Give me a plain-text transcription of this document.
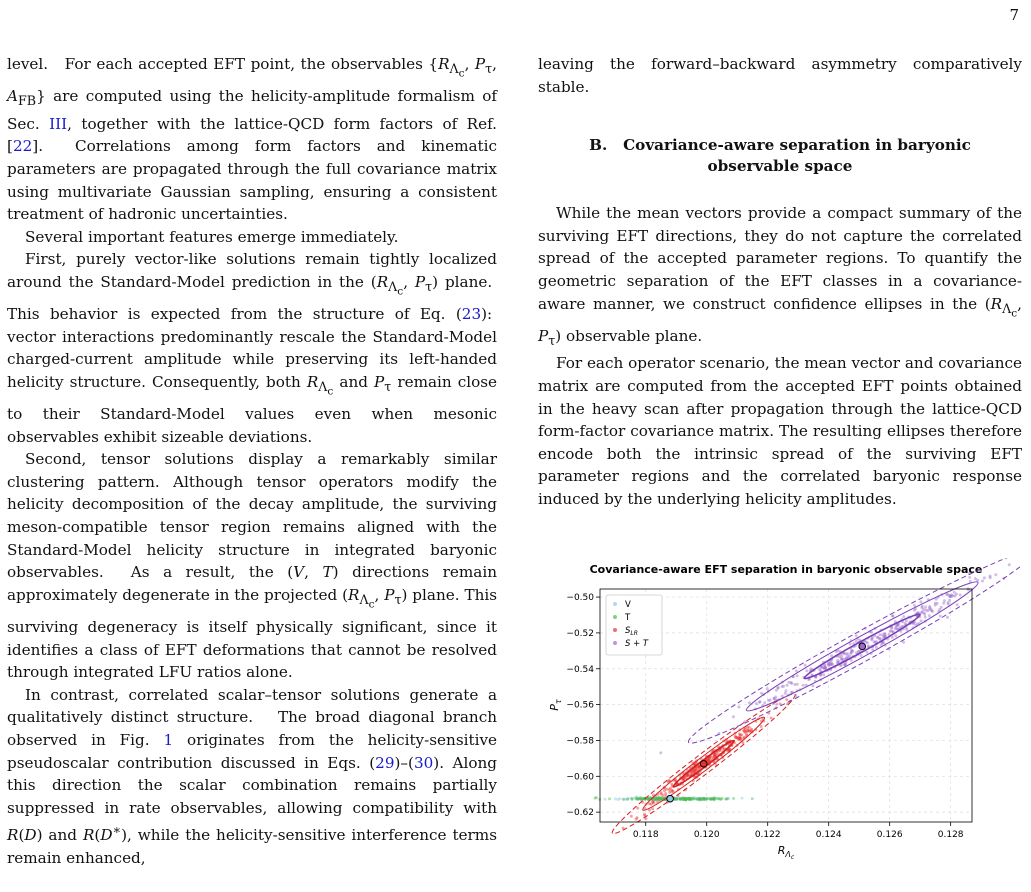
7

level.   For each accepted EFT point, the observables {$R_{\Lambda_c}$, $P_\tau$, $A_{FB}$} are computed using the helicity-amplitude formalism of Sec. III, together with the lattice-QCD form factors of Ref. [22].  Correlations among form factors and kinematic parameters are propagated through the full covariance matrix using multivariate Gaussian sampling, ensuring a consistent treatment of hadronic uncertainties.

Several important features emerge immediately.

First, purely vector-like solutions remain tightly localized around the Standard-Model prediction in the ($R_{\Lambda_c}$, $P_\tau$) plane.  This behavior is expected from the structure of Eq. (23):  vector interactions predominantly rescale the Standard-Model charged-current amplitude while preserving its left-handed helicity structure. Consequently, both $R_{\Lambda_c}$ and $P_\tau$ remain close to their Standard-Model values even when mesonic observables exhibit sizeable deviations.

Second, tensor solutions display a remarkably similar clustering pattern. Although tensor operators modify the helicity decomposition of the decay amplitude, the surviving meson-compatible tensor region remains aligned with the Standard-Model helicity structure in integrated baryonic observables.  As a result, the (V, T) directions remain approximately degenerate in the projected ($R_{\Lambda_c}$, $P_\tau$) plane. This surviving degeneracy is itself physically significant, since it identifies a class of EFT deformations that cannot be resolved through integrated LFU ratios alone.

In contrast, correlated scalar–tensor solutions generate a qualitatively distinct structure.   The broad diagonal branch observed in Fig. 1 originates from the helicity-sensitive pseudoscalar contribution discussed in Eqs. (29)–(30). Along this direction the scalar combination remains partially suppressed in rate observables, allowing compatibility with R(D) and R(D∗), while the helicity-sensitive interference terms remain enhanced,

leaving the forward–backward asymmetry comparatively stable.

B.   Covariance-aware separation in baryonic
observable space

While the mean vectors provide a compact summary of the surviving EFT directions, they do not capture the correlated spread of the accepted parameter regions. To quantify the geometric separation of the EFT classes in a covariance-aware manner, we construct confidence ellipses in the ($R_{\Lambda_c}$, $P_\tau$) observable plane.

For each operator scenario, the mean vector and covariance matrix are computed from the accepted EFT points obtained in the heavy scan after propagation through the lattice-QCD form-factor covariance matrix. The resulting ellipses therefore encode both the intrinsic spread of the surviving EFT parameter regions and the correlated baryonic response induced by the underlying helicity amplitudes.

Covariance-aware EFT separation in baryonic observable space
0.118	0.120	0.122	0.124	0.126	0.128
−0.50
−0.52
−0.54
−0.56
−0.58
−0.60
−0.62
$R_\Lambda c$
$P_\tau$
V
T
$S_{LR}$
S + T
